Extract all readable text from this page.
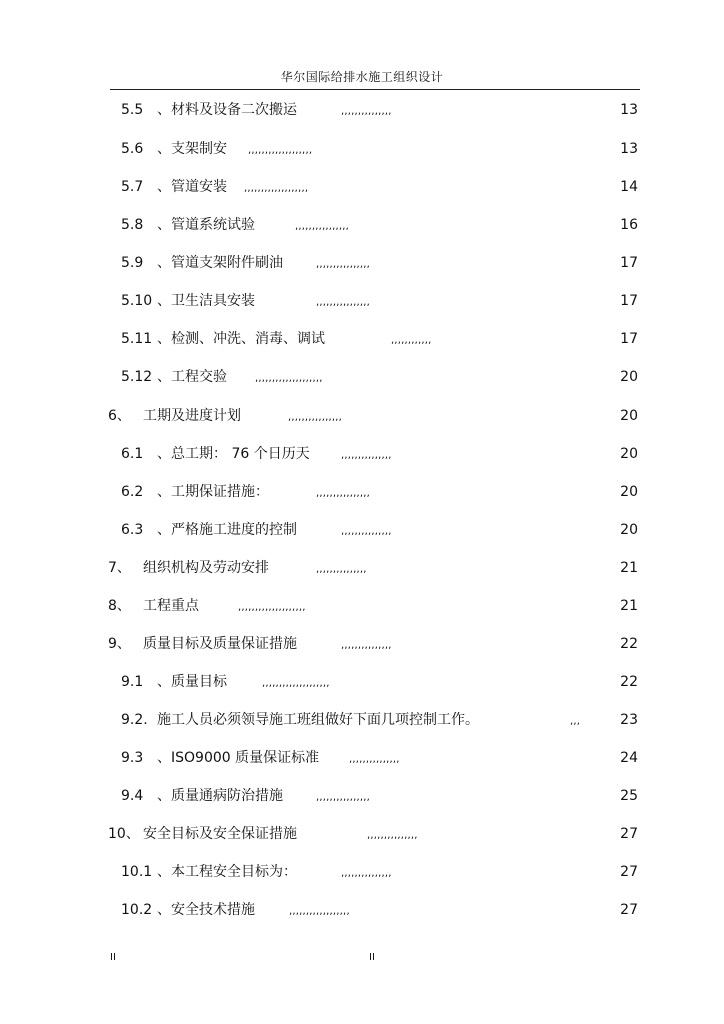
华尔国际给排水施工组织设计
5.5 、材料及设备二次搬运	,,,,,,,,,,,,,,,	13
5.6 、支架制安 ,,,,,,,,,,,,,,,,,,,	13
5.7 、管道安装 ,,,,,,,,,,,,,,,,,,,	14
5.8 、管道系统试验	,,,,,,,,,,,,,,,,	16
5.9 、管道支架附件刷油	,,,,,,,,,,,,,,,,	17
5.10 、卫生洁具安装	,,,,,,,,,,,,,,,,	17
5.11 、检测、冲洗、消毒、调试	,,,,,,,,,,,,	17
5.12 、工程交验	,,,,,,,,,,,,,,,,,,,,	20
6、 工期及进度计划	,,,,,,,,,,,,,,,,	20
6.1 、总工期： 76 个日历天	,,,,,,,,,,,,,,,	20
6.2 、工期保证措施：	,,,,,,,,,,,,,,,,	20
6.3 、严格施工进度的控制	,,,,,,,,,,,,,,,	20
7、 组织机构及劳动安排	,,,,,,,,,,,,,,,	21
8、 工程重点	,,,,,,,,,,,,,,,,,,,,	21
9、 质量目标及质量保证措施	,,,,,,,,,,,,,,,	22
9.1 、质量目标	,,,,,,,,,,,,,,,,,,,,	22
9.2. 施工人员必须领导施工班组做好下面几项控制工作。	,,,	23
9.3 、ISO9000 质量保证标准	,,,,,,,,,,,,,,,	24
9.4 、质量通病防治措施	,,,,,,,,,,,,,,,,	25
10、 安全目标及安全保证措施	,,,,,,,,,,,,,,,	27
10.1 、本工程安全目标为：	,,,,,,,,,,,,,,,	27
10.2 、安全技术措施	,,,,,,,,,,,,,,,,,,	27
II	II
